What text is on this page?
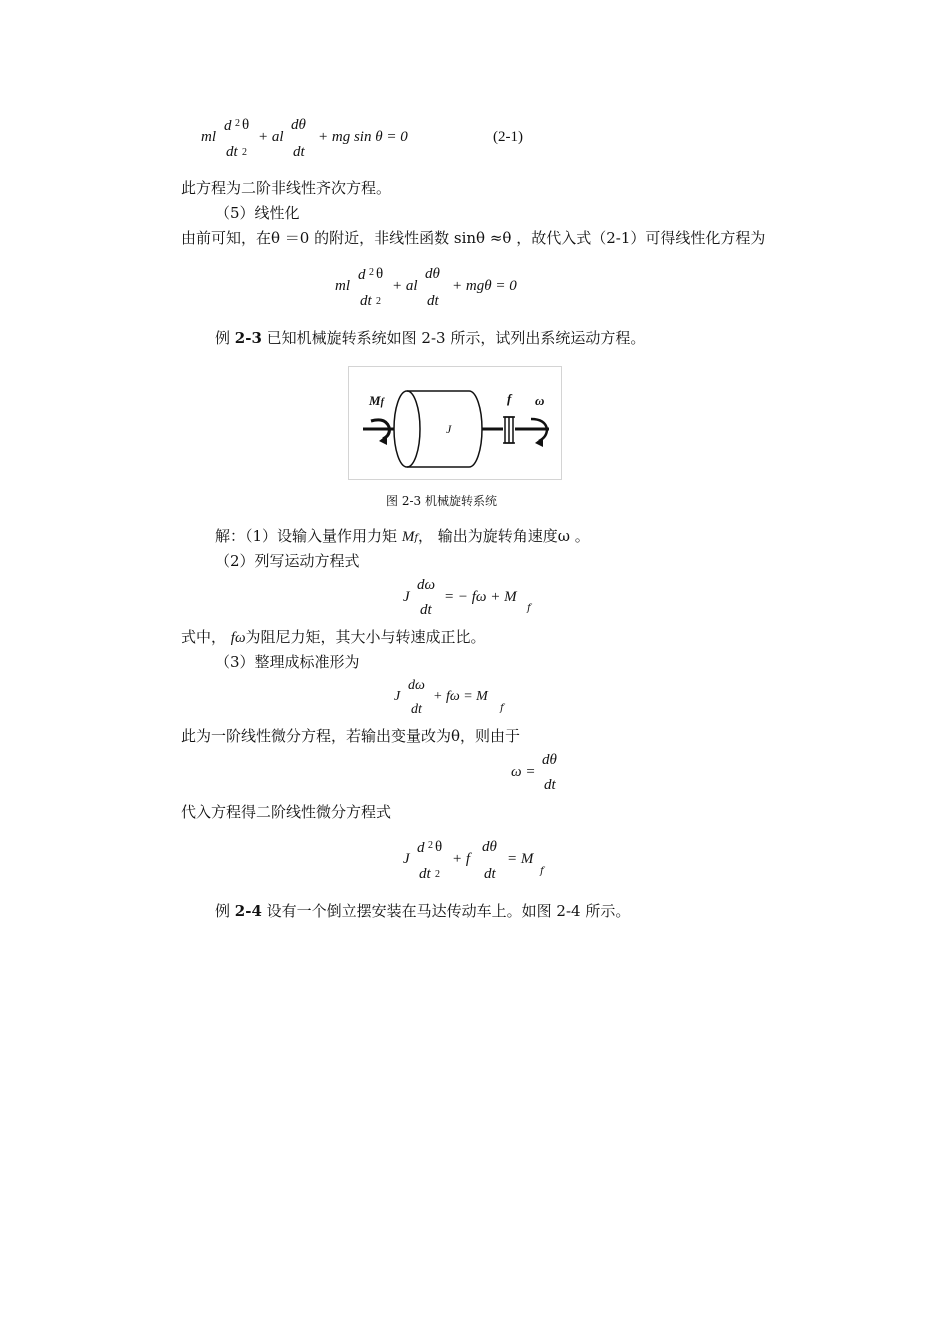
ml
d 2 θ
dt 2
+ al
dθ
dt
+ mg sin θ = 0	(2-1)
此方程为二阶非线性齐次方程。
（5）线性化
由前可知，在θ ＝0 的附近，非线性函数 sinθ ≈θ ，故代入式（2-1）可得线性化方程为
ml
d 2 θ
dt 2
+ al
dθ
dt
+ mgθ = 0
例 2-3 已知机械旋转系统如图 2-3 所示，试列出系统运动方程。
Mf
J
f ω
图 2-3 机械旋转系统
解：（1）设输入量作用力矩 Mf， 输出为旋转角速度ω 。
（2）列写运动方程式
J
dω
dt
= − fω + M
f
式中， fω为阻尼力矩，其大小与转速成正比。
（3）整理成标准形为
J
dω
dt
+ fω = M
f
此为一阶线性微分方程，若输出变量改为θ，则由于
ω =
dθ
dt
代入方程得二阶线性微分方程式
J
d 2 θ
dt 2
+ f
dθ
dt
= M
f
例 2-4 设有一个倒立摆安装在马达传动车上。如图 2-4 所示。
